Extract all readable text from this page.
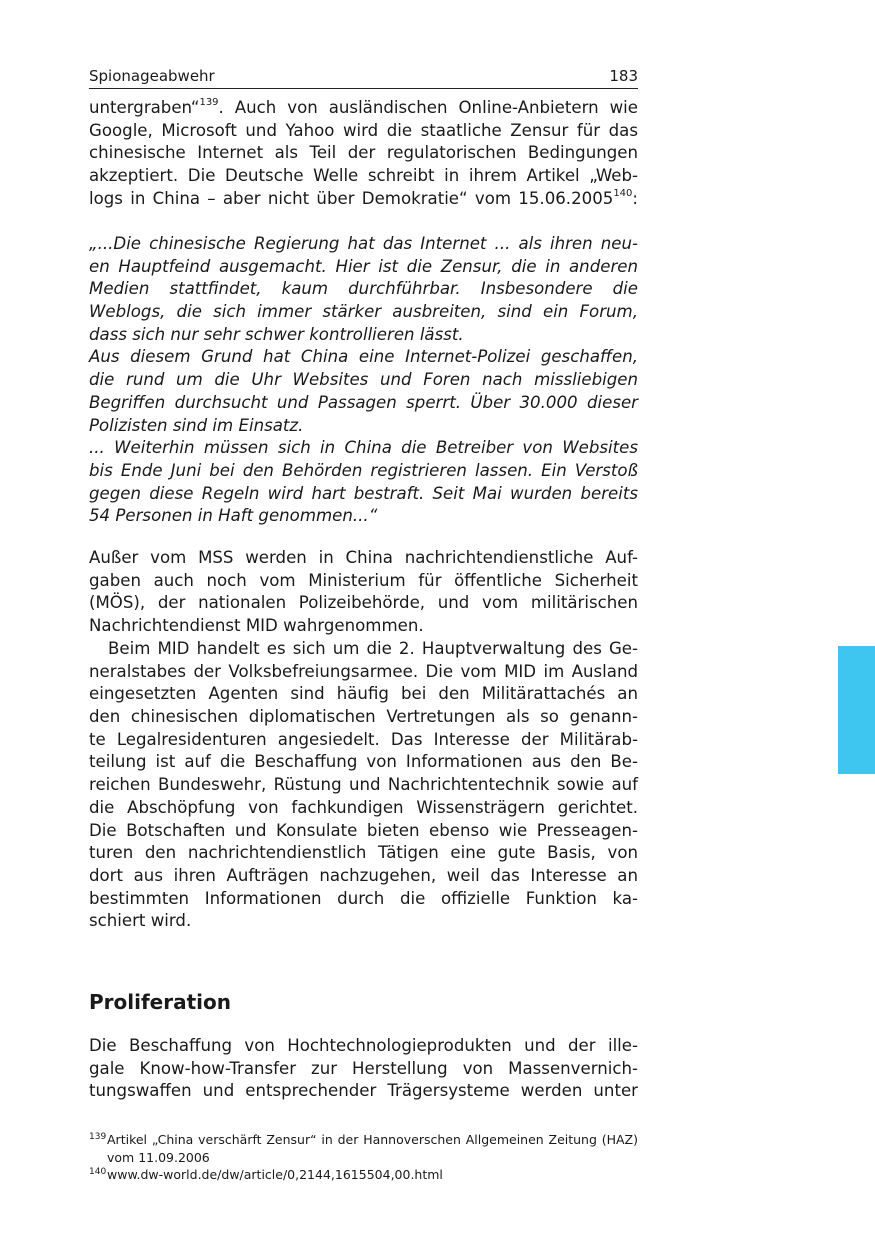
Spionageabwehr	183
untergraben“$^{139}$. Auch von ausländischen Online-Anbietern wie
Google, Microsoft und Yahoo wird die staatliche Zensur für das
chinesische Internet als Teil der regulatorischen Bedingungen
akzeptiert. Die Deutsche Welle schreibt in ihrem Artikel „Web-
logs in China – aber nicht über Demokratie“ vom 15.06.2005$^{140}$:
„...Die chinesische Regierung hat das Internet ... als ihren neu-
en Hauptfeind ausgemacht. Hier ist die Zensur, die in anderen
Medien stattfindet, kaum durchführbar. Insbesondere die
Weblogs, die sich immer stärker ausbreiten, sind ein Forum,
dass sich nur sehr schwer kontrollieren lässt.
Aus diesem Grund hat China eine Internet-Polizei geschaffen,
die rund um die Uhr Websites und Foren nach missliebigen
Begriffen durchsucht und Passagen sperrt. Über 30.000 dieser
Polizisten sind im Einsatz.
... Weiterhin müssen sich in China die Betreiber von Websites
bis Ende Juni bei den Behörden registrieren lassen. Ein Verstoß
gegen diese Regeln wird hart bestraft. Seit Mai wurden bereits
54 Personen in Haft genommen...“
Außer vom MSS werden in China nachrichtendienstliche Auf-
gaben auch noch vom Ministerium für öffentliche Sicherheit
(MÖS), der nationalen Polizeibehörde, und vom militärischen
Nachrichtendienst MID wahrgenommen.
Beim MID handelt es sich um die 2. Hauptverwaltung des Ge-
neralstabes der Volksbefreiungsarmee. Die vom MID im Ausland
eingesetzten Agenten sind häufig bei den Militärattachés an
den chinesischen diplomatischen Vertretungen als so genann-
te Legalresidenturen angesiedelt. Das Interesse der Militärab-
teilung ist auf die Beschaffung von Informationen aus den Be-
reichen Bundeswehr, Rüstung und Nachrichtentechnik sowie auf
die Abschöpfung von fachkundigen Wissensträgern gerichtet.
Die Botschaften und Konsulate bieten ebenso wie Presseagen-
turen den nachrichtendienstlich Tätigen eine gute Basis, von
dort aus ihren Aufträgen nachzugehen, weil das Interesse an
bestimmten Informationen durch die offizielle Funktion ka-
schiert wird.
Proliferation
Die Beschaffung von Hochtechnologieprodukten und der ille-
gale Know-how-Transfer zur Herstellung von Massenvernich-
tungswaffen und entsprechender Trägersysteme werden unter
139 Artikel „China verschärft Zensur“ in der Hannoverschen Allgemeinen Zeitung (HAZ)
vom 11.09.2006
140 www.dw-world.de/dw/article/0,2144,1615504,00.html
